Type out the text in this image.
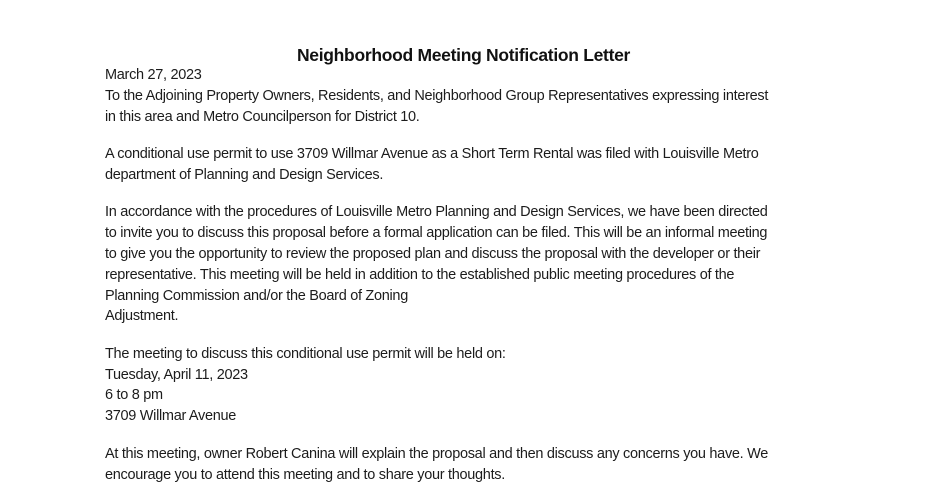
Neighborhood Meeting Notification Letter
March 27, 2023
To the Adjoining Property Owners, Residents, and Neighborhood Group Representatives expressing interest
in this area and Metro Councilperson for District 10.
A conditional use permit to use 3709 Willmar Avenue as a Short Term Rental was filed with Louisville Metro
department of Planning and Design Services.
In accordance with the procedures of Louisville Metro Planning and Design Services, we have been directed
to invite you to discuss this proposal before a formal application can be filed. This will be an informal meeting
to give you the opportunity to review the proposed plan and discuss the proposal with the developer or their
representative. This meeting will be held in addition to the established public meeting procedures of the
Planning Commission and/or the Board of Zoning
Adjustment.
The meeting to discuss this conditional use permit will be held on:
Tuesday, April 11, 2023
6 to 8 pm
3709 Willmar Avenue
At this meeting, owner Robert Canina will explain the proposal and then discuss any concerns you have. We
encourage you to attend this meeting and to share your thoughts.
